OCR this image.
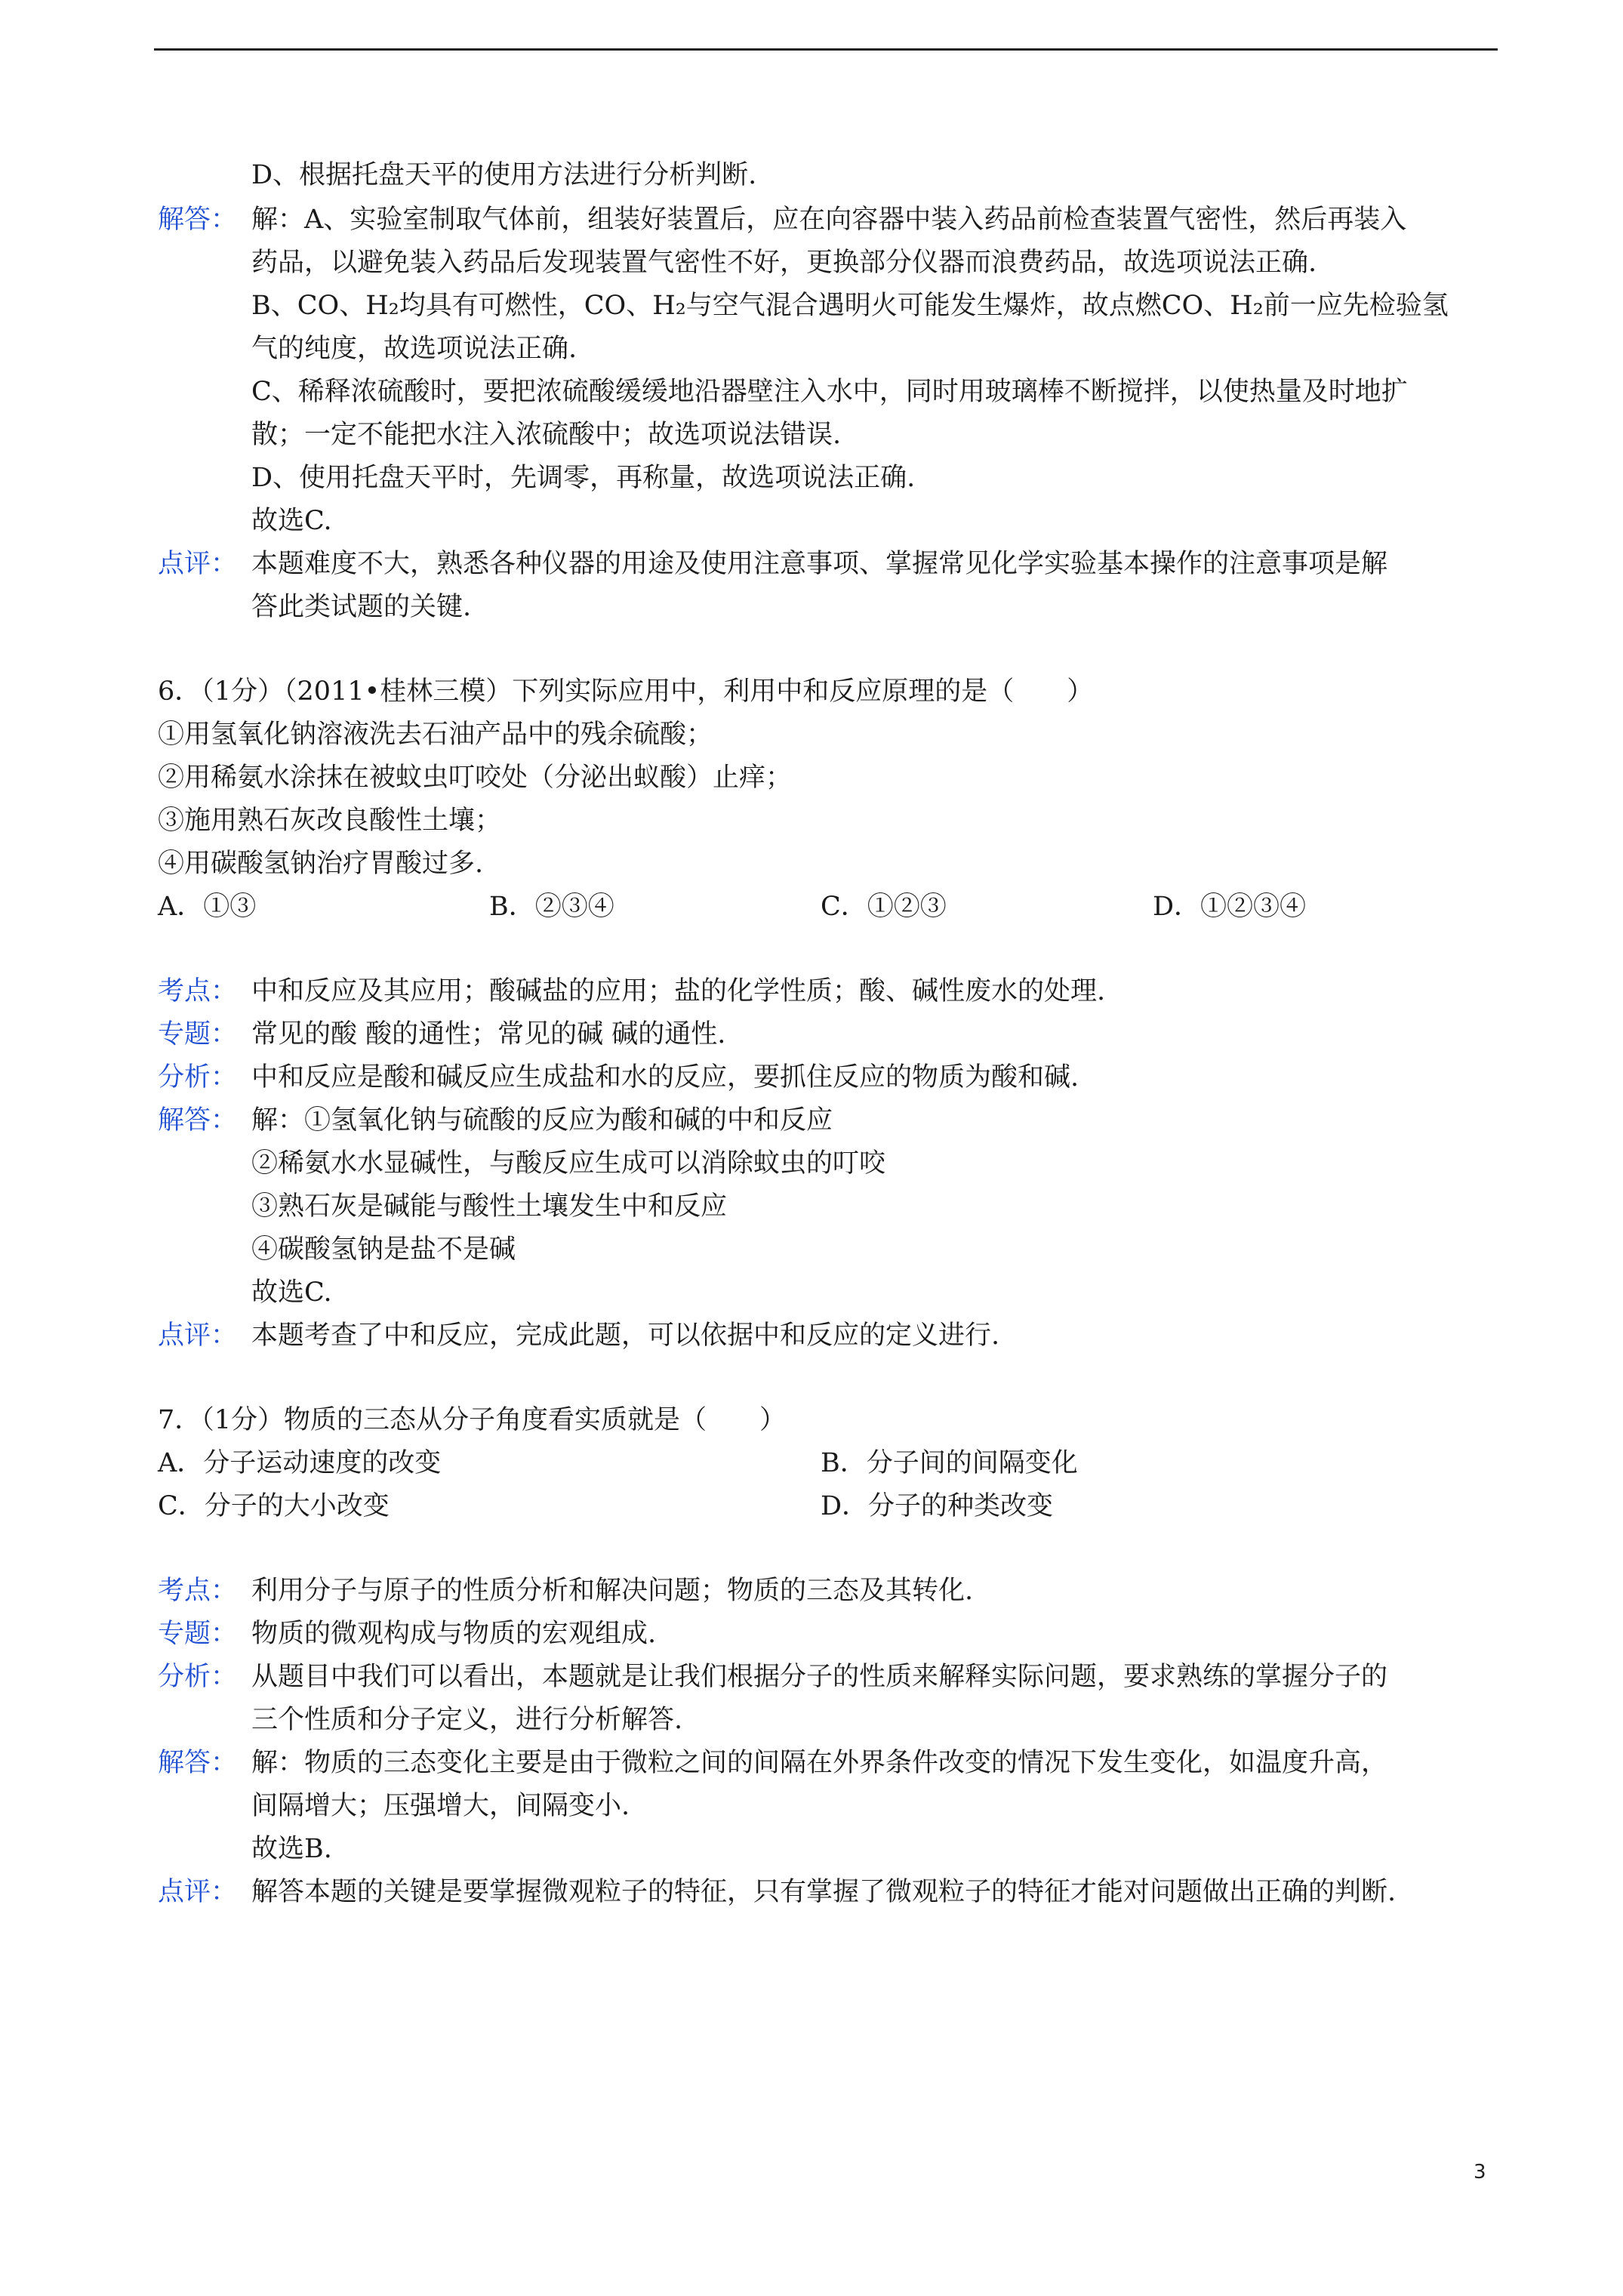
D、根据托盘天平的使用方法进行分析判断.
解答： 解：A、实验室制取气体前，组装好装置后，应在向容器中装入药品前检查装置气密性，然后再装入
药品，以避免装入药品后发现装置气密性不好，更换部分仪器而浪费药品，故选项说法正确.
B、CO、H₂均具有可燃性，CO、H₂与空气混合遇明火可能发生爆炸，故点燃CO、H₂前一应先检验氢
气的纯度，故选项说法正确.
C、稀释浓硫酸时，要把浓硫酸缓缓地沿器壁注入水中，同时用玻璃棒不断搅拌，以使热量及时地扩
散；一定不能把水注入浓硫酸中；故选项说法错误.
D、使用托盘天平时，先调零，再称量，故选项说法正确.
故选C.
点评： 本题难度不大，熟悉各种仪器的用途及使用注意事项、掌握常见化学实验基本操作的注意事项是解
答此类试题的关键.
6．（1分）（2011•桂林三模）下列实际应用中，利用中和反应原理的是（　　）
①用氢氧化钠溶液洗去石油产品中的残余硫酸；
②用稀氨水涂抹在被蚊虫叮咬处（分泌出蚁酸）止痒；
③施用熟石灰改良酸性土壤；
④用碳酸氢钠治疗胃酸过多.
A．①③	B．②③④	C．①②③	D．①②③④
考点： 中和反应及其应用；酸碱盐的应用；盐的化学性质；酸、碱性废水的处理.
专题： 常见的酸 酸的通性；常见的碱 碱的通性.
分析： 中和反应是酸和碱反应生成盐和水的反应，要抓住反应的物质为酸和碱.
解答： 解：①氢氧化钠与硫酸的反应为酸和碱的中和反应
②稀氨水水显碱性，与酸反应生成可以消除蚊虫的叮咬
③熟石灰是碱能与酸性土壤发生中和反应
④碳酸氢钠是盐不是碱
故选C.
点评： 本题考查了中和反应，完成此题，可以依据中和反应的定义进行.
7．（1分）物质的三态从分子角度看实质就是（　　）
A．分子运动速度的改变	B．分子间的间隔变化
C．分子的大小改变	D．分子的种类改变
考点： 利用分子与原子的性质分析和解决问题；物质的三态及其转化.
专题： 物质的微观构成与物质的宏观组成.
分析： 从题目中我们可以看出，本题就是让我们根据分子的性质来解释实际问题，要求熟练的掌握分子的
三个性质和分子定义，进行分析解答.
解答： 解：物质的三态变化主要是由于微粒之间的间隔在外界条件改变的情况下发生变化，如温度升高，
间隔增大；压强增大，间隔变小.
故选B.
点评： 解答本题的关键是要掌握微观粒子的特征，只有掌握了微观粒子的特征才能对问题做出正确的判断.
3
